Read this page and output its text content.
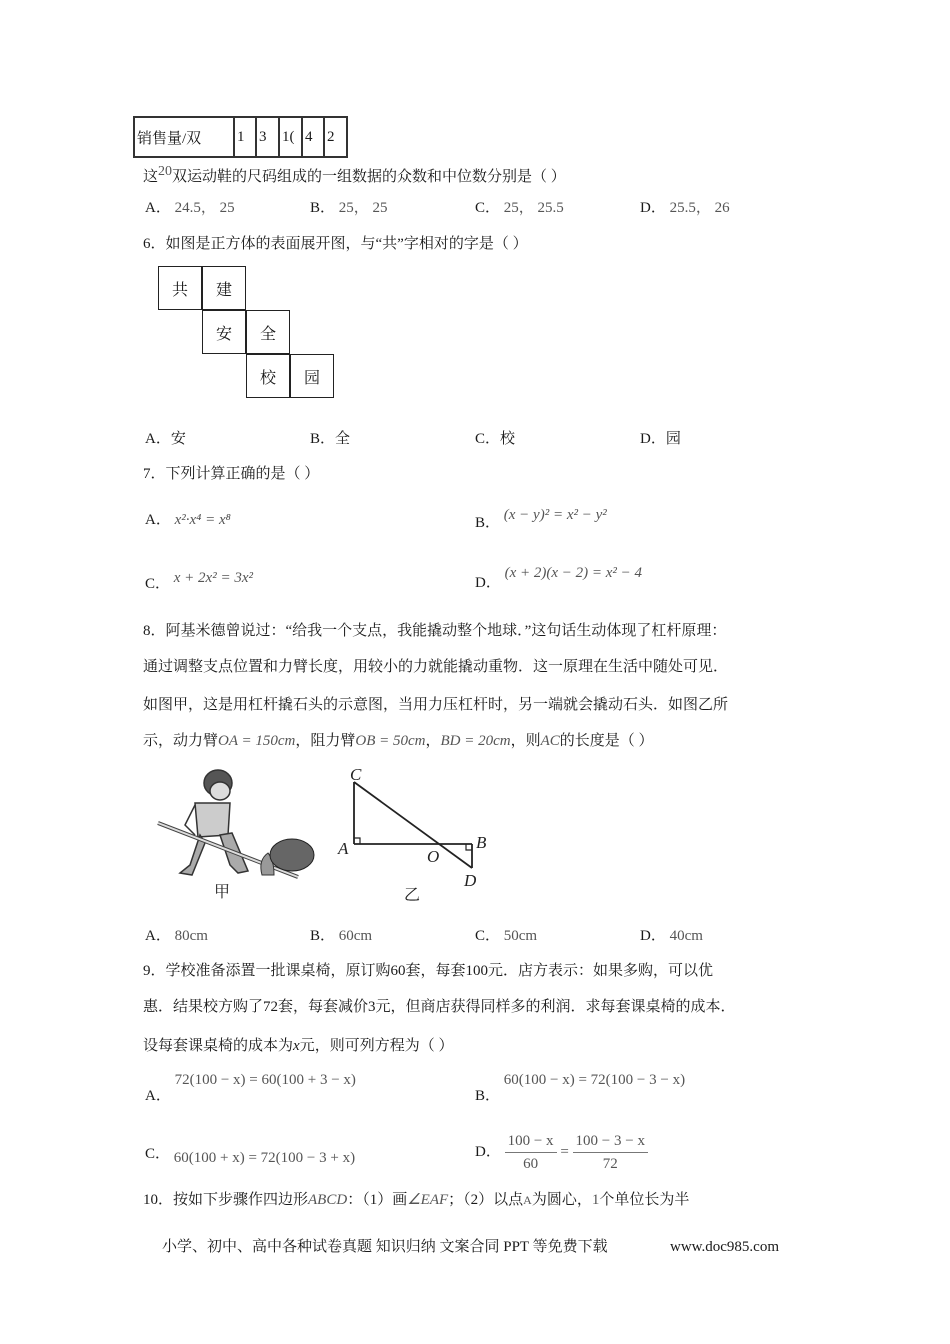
销售量/双	1	3	1(	4	2
这$^{20}$双运动鞋的尺码组成的一组数据的众数和中位数分别是（ ）
A． 24.5， 25	B． 25， 25	C． 25， 25.5	D． 25.5， 26
6．如图是正方体的表面展开图，与“共”字相对的字是（ ）
共	建
安	全
校	园
A．安	B．全	C．校	D．园
7．下列计算正确的是（ ）
A． x²·x⁴ = x⁸	B． (x − y)² = x² − y²
C． x + 2x² = 3x²	D． (x + 2)(x − 2) = x² − 4
8．阿基米德曾说过：“给我一个支点，我能撬动整个地球．”这句话生动体现了杠杆原理：
通过调整支点位置和力臂长度，用较小的力就能撬动重物．这一原理在生活中随处可见．
如图甲，这是用杠杆撬石头的示意图，当用力压杠杆时，另一端就会撬动石头．如图乙所
示，动力臂OA = 150cm，阻力臂OB = 50cm，BD = 20cm，则AC的长度是（ ）
甲
C
A	O
B
D
乙
A． 80cm	B． 60cm	C． 50cm	D． 40cm
9．学校准备添置一批课桌椅，原订购60套，每套100元．店方表示：如果多购，可以优
惠．结果校方购了72套，每套减价3元，但商店获得同样多的利润．求每套课桌椅的成本．
设每套课桌椅的成本为x元，则可列方程为（ ）
A． 72(100 − x) = 60(100 + 3 − x)
B． 60(100 − x) = 72(100 − 3 − x)
C． 60(100 + x) = 72(100 − 3 + x)	D． $\frac{100 - x}{60} = \frac{100 - 3 - x}{72}$
10．按如下步骤作四边形ABCD：（1）画∠EAF；（2）以点A为圆心，1个单位长为半
小学、初中、高中各种试卷真题 知识归纳 文案合同 PPT 等免费下载	www.doc985.com
